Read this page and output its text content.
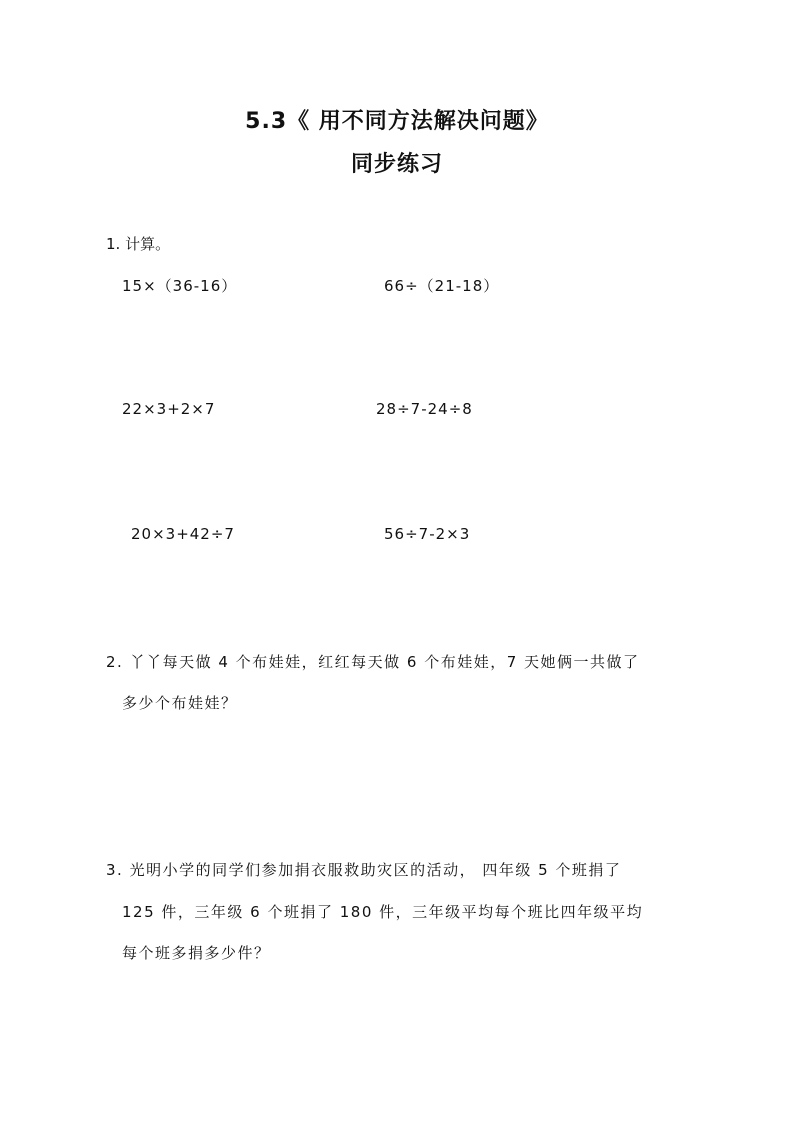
5.3《 用不同方法解决问题》
同步练习
1. 计算。
15×（36-16）	66÷（21-18）
22×3+2×7	28÷7-24÷8
20×3+42÷7	56÷7-2×3
2. 丫丫每天做 4 个布娃娃，红红每天做 6 个布娃娃，7 天她俩一共做了
多少个布娃娃？
3. 光明小学的同学们参加捐衣服救助灾区的活动， 四年级 5 个班捐了
125 件，三年级 6 个班捐了 180 件，三年级平均每个班比四年级平均
每个班多捐多少件？
